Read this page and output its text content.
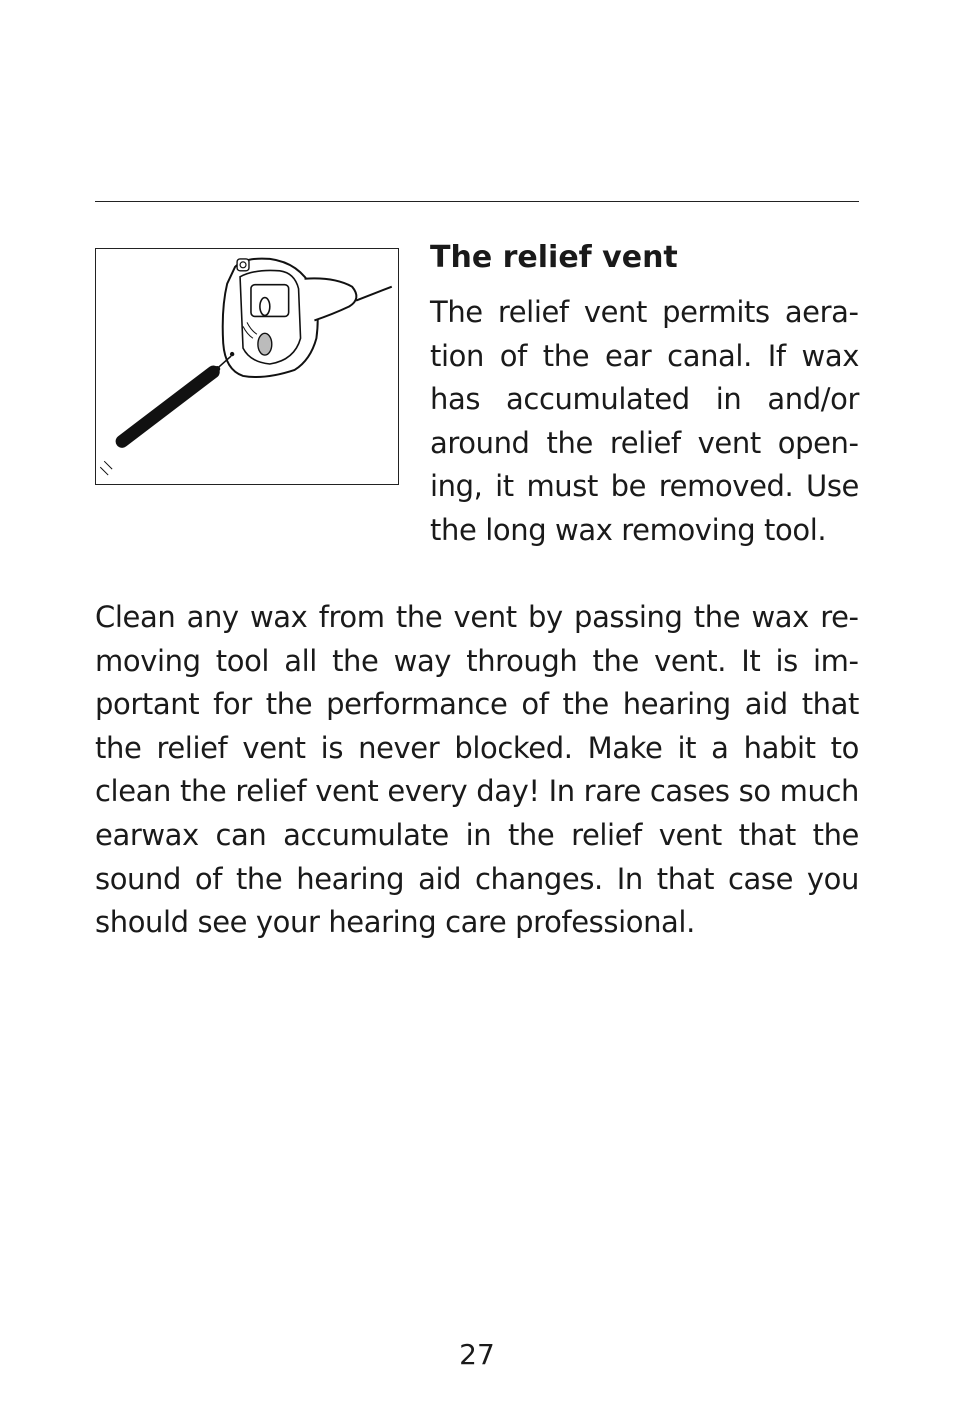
The relief vent

The relief vent permits aeration of the ear canal. If wax has accumulated in and/or around the relief vent opening, it must be removed. Use the long wax removing tool.

Clean any wax from the vent by passing the wax removing tool all the way through the vent. It is important for the performance of the hearing aid that the relief vent is never blocked. Make it a habit to clean the relief vent every day! In rare cases so much earwax can accumulate in the relief vent that the sound of the hearing aid changes. In that case you should see your hearing care professional.

27
